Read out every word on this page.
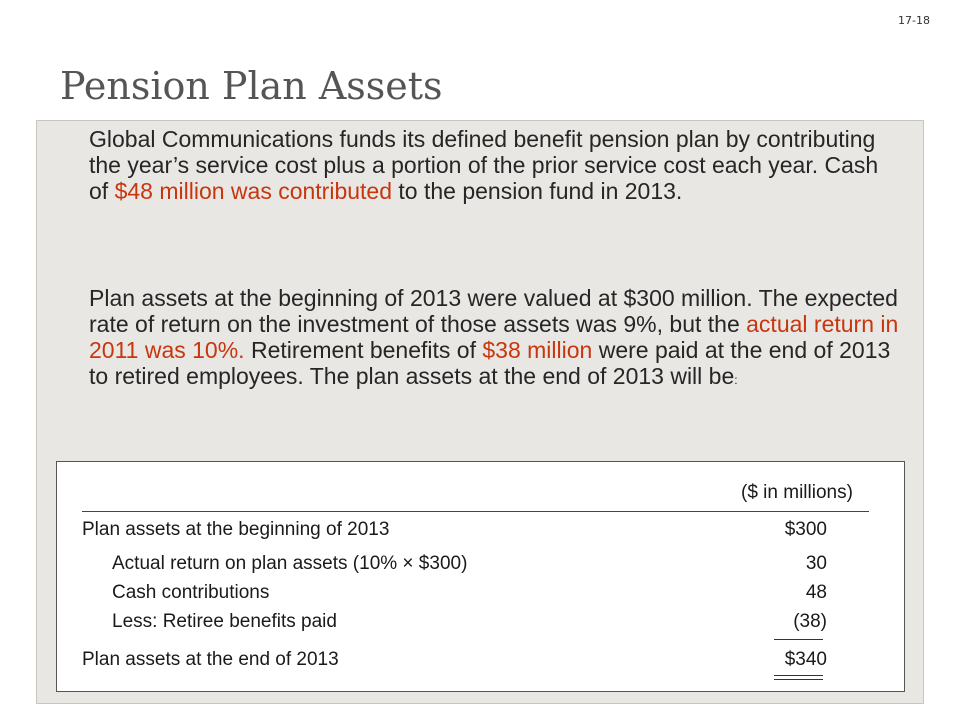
17-18
Pension Plan Assets

Global Communications funds its defined benefit pension plan by contributing the year’s service cost plus a portion of the prior service cost each year. Cash of $48 million was contributed to the pension fund in 2013.

Plan assets at the beginning of 2013 were valued at $300 million. The expected rate of return on the investment of those assets was 9%, but the actual return in 2011 was 10%. Retirement benefits of $38 million were paid at the end of 2013 to retired employees. The plan assets at the end of 2013 will be:

($ in millions)
Plan assets at the beginning of 2013	$300
Actual return on plan assets (10% × $300)	30
Cash contributions	48
Less: Retiree benefits paid	(38)
Plan assets at the end of 2013	$340
